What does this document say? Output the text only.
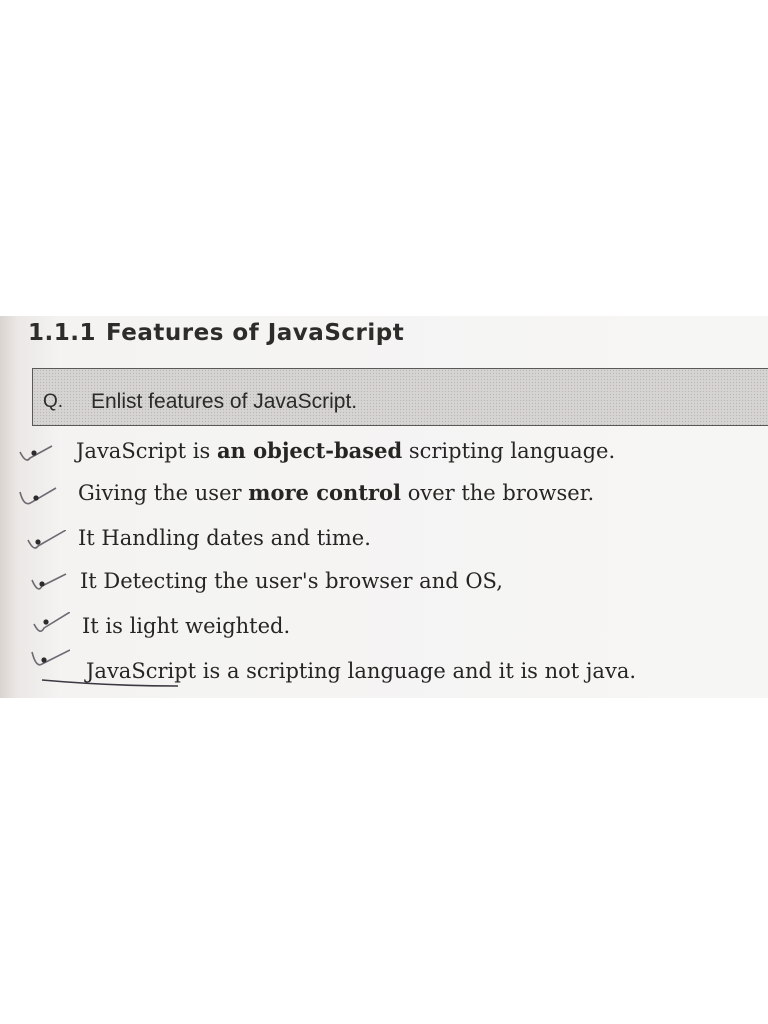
1.1.1 Features of JavaScript
Q. Enlist features of JavaScript.
JavaScript is an object-based scripting language.
Giving the user more control over the browser.
It Handling dates and time.
It Detecting the user's browser and OS,
It is light weighted.
JavaScript is a scripting language and it is not java.
